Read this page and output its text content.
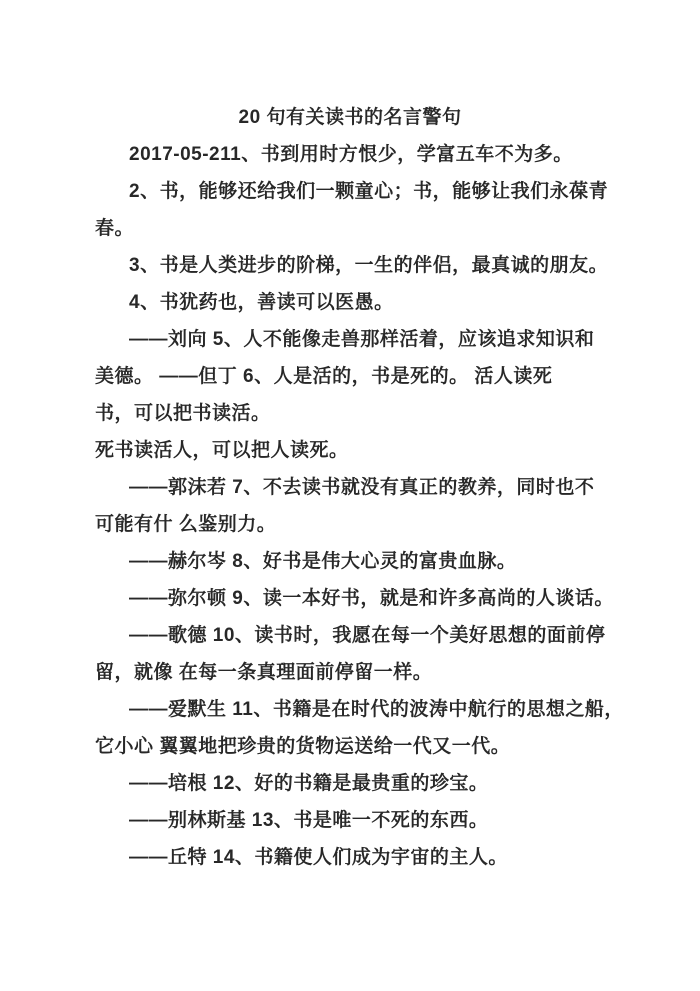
20 句有关读书的名言警句
2017-05-211、书到用时方恨少，学富五车不为多。
2、书，能够还给我们一颗童心；书，能够让我们永葆青
春。
3、书是人类进步的阶梯，一生的伴侣，最真诚的朋友。
4、书犹药也，善读可以医愚。
——刘向 5、人不能像走兽那样活着，应该追求知识和
美德。 ——但丁 6、人是活的，书是死的。 活人读死
书，可以把书读活。
死书读活人，可以把人读死。
——郭沫若 7、不去读书就没有真正的教养，同时也不
可能有什 么鉴别力。
——赫尔岑 8、好书是伟大心灵的富贵血脉。
——弥尔顿 9、读一本好书，就是和许多高尚的人谈话。
——歌德 10、读书时，我愿在每一个美好思想的面前停
留，就像 在每一条真理面前停留一样。
——爱默生 11、书籍是在时代的波涛中航行的思想之船，
它小心 翼翼地把珍贵的货物运送给一代又一代。
——培根 12、好的书籍是最贵重的珍宝。
——别林斯基 13、书是唯一不死的东西。
——丘特 14、书籍使人们成为宇宙的主人。
